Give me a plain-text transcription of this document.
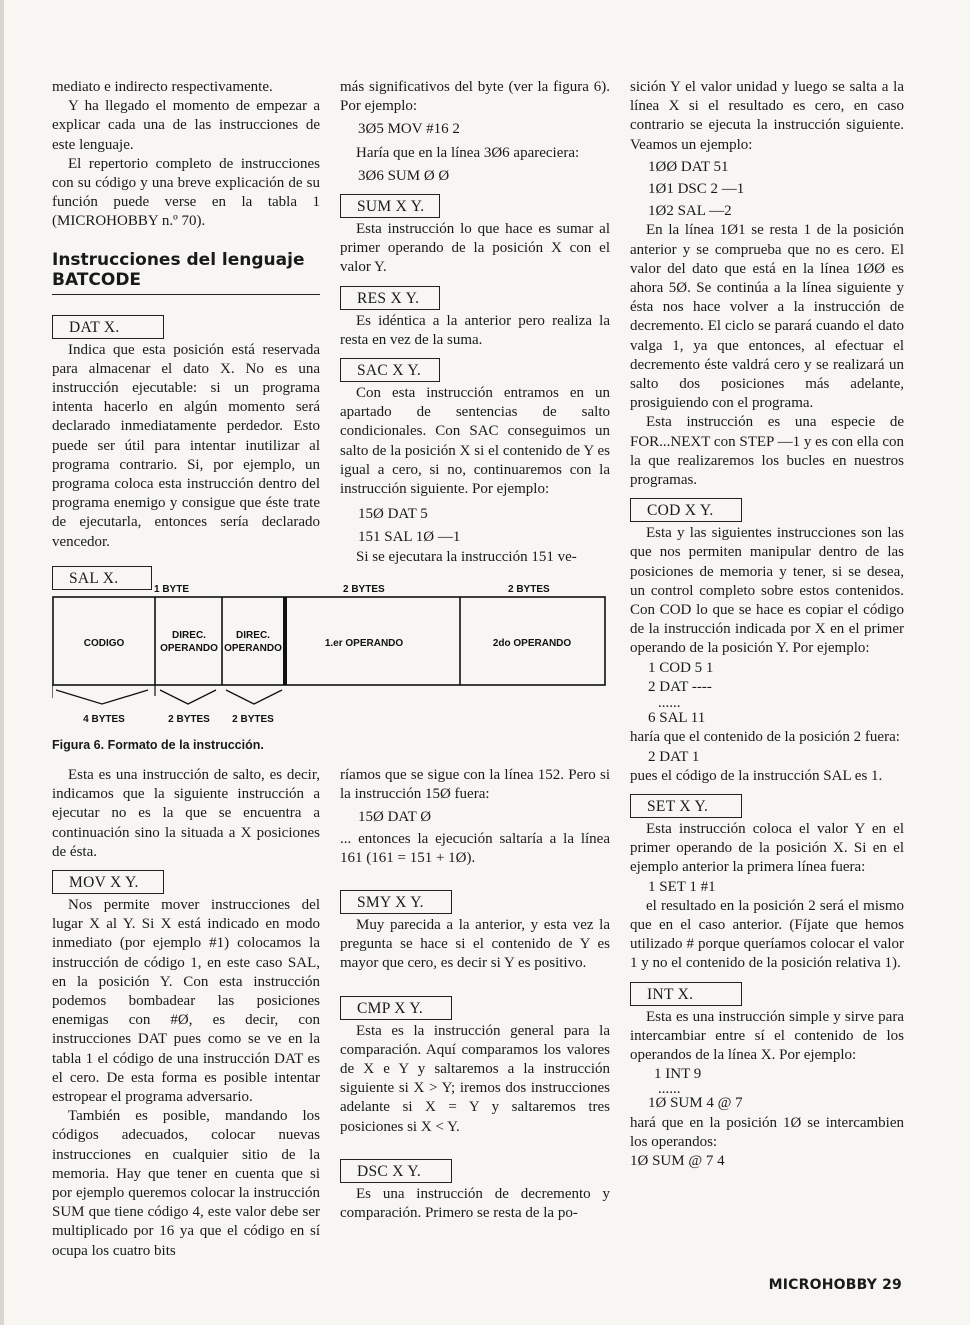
mediato e indirecto respectivamente.

Y ha llegado el momento de empezar a explicar cada una de las instrucciones de este lenguaje.

El repertorio completo de instrucciones con su código y una breve explicación de su función puede verse en la tabla 1 (MICROHOBBY n.º 70).

Instrucciones del lenguaje BATCODE
DAT X.

Indica que esta posición está reservada para almacenar el dato X. No es una instrucción ejecutable: si un programa intenta hacerlo en algún momento será declarado inmediatamente perdedor. Esto puede ser útil para intentar inutilizar al programa contrario. Si, por ejemplo, un programa coloca esta instrucción dentro del programa enemigo y consigue que éste trate de ejecutarla, entonces sería declarado vencedor.

SAL X.

más significativos del byte (ver la figura 6). Por ejemplo:

3Ø5 MOV #16 2

Haría que en la línea 3Ø6 apareciera:

3Ø6 SUM Ø Ø

SUM X Y.

Esta instrucción lo que hace es sumar al primer operando de la posición X con el valor Y.

RES X Y.

Es idéntica a la anterior pero realiza la resta en vez de la suma.

SAC X Y.

Con esta instrucción entramos en un apartado de sentencias de salto condicionales. Con SAC conseguimos un salto de la posición X si el contenido de Y es igual a cero, si no, continuaremos con la instrucción siguiente. Por ejemplo:

15Ø DAT 5

151 SAL 1Ø —1

Si se ejecutara la instrucción 151 ve-

sición Y el valor unidad y luego se salta a la línea X si el resultado es cero, en caso contrario se ejecuta la instrucción siguiente. Veamos un ejemplo:

1ØØ DAT 51

1Ø1 DSC 2 —1

1Ø2 SAL —2

En la línea 1Ø1 se resta 1 de la posición anterior y se comprueba que no es cero. El valor del dato que está en la línea 1ØØ es ahora 5Ø. Se continúa a la línea siguiente y ésta nos hace volver a la instrucción de decremento. El ciclo se parará cuando el dato valga 1, ya que entonces, al efectuar el decremento éste valdrá cero y se realizará un salto dos posiciones más adelante, prosiguiendo con el programa.

Esta instrucción es una especie de FOR...NEXT con STEP —1 y es con ella con la que realizaremos los bucles en nuestros programas.

COD X Y.

Esta y las siguientes instrucciones son las que nos permiten manipular dentro de las posiciones de memoria y tener, si se desea, un control completo sobre estos contenidos. Con COD lo que se hace es copiar el código de la instrucción indicada por X en el primer operando de la posición Y. Por ejemplo:

1 COD 5 1

2 DAT ----

......

6 SAL 11

haría que el contenido de la posición 2 fuera:

2 DAT 1

pues el código de la instrucción SAL es 1.

SET X Y.

Esta instrucción coloca el valor Y en el primer operando de la posición X. Si en el ejemplo anterior la primera línea fuera:

1 SET 1 #1

el resultado en la posición 2 será el mismo que en el caso anterior. (Fíjate que hemos utilizado # porque queríamos colocar el valor 1 y no el contenido de la posición relativa 1).

INT X.

Esta es una instrucción simple y sirve para intercambiar entre sí el contenido de los operandos de la línea X. Por ejemplo:

1 INT 9

......

1Ø SUM 4 @ 7

hará que en la posición 1Ø se intercambien los operandos:

1Ø SUM @ 7 4

1 BYTE	2 BYTES	2 BYTES
CODIGO
DIREC.
OPERANDO
DIREC.
OPERANDO	1.er OPERANDO	2do OPERANDO
4 BYTES	2 BYTES 2 BYTES
Figura 6. Formato de la instrucción.

Esta es una instrucción de salto, es decir, indicamos que la siguiente instrucción a ejecutar no es la que se encuentra a continuación sino la situada a X posiciones de ésta.

MOV X Y.

Nos permite mover instrucciones del lugar X al Y. Si X está indicado en modo inmediato (por ejemplo #1) colocamos la instrucción de código 1, en este caso SAL, en la posición Y. Con esta instrucción podemos bombadear las posiciones enemigas con #Ø, es decir, con instrucciones DAT pues como se ve en la tabla 1 el código de una instrucción DAT es el cero. De esta forma es posible intentar estropear el programa adversario.

También es posible, mandando los códigos adecuados, colocar nuevas instrucciones en cualquier sitio de la memoria. Hay que tener en cuenta que si por ejemplo queremos colocar la instrucción SUM que tiene código 4, este valor debe ser multiplicado por 16 ya que el código en sí ocupa los cuatro bits

ríamos que se sigue con la línea 152. Pero si la instrucción 15Ø fuera:

15Ø DAT Ø

... entonces la ejecución saltaría a la línea 161 (161 = 151 + 1Ø).

SMY X Y.

Muy parecida a la anterior, y esta vez la pregunta se hace si el contenido de Y es mayor que cero, es decir si Y es positivo.

CMP X Y.

Esta es la instrucción general para la comparación. Aquí comparamos los valores de X e Y y saltaremos a la instrucción siguiente si X > Y; iremos dos instrucciones adelante si X = Y y saltaremos tres posiciones si X < Y.

DSC X Y.

Es una instrucción de decremento y comparación. Primero se resta de la po-

MICROHOBBY 29
